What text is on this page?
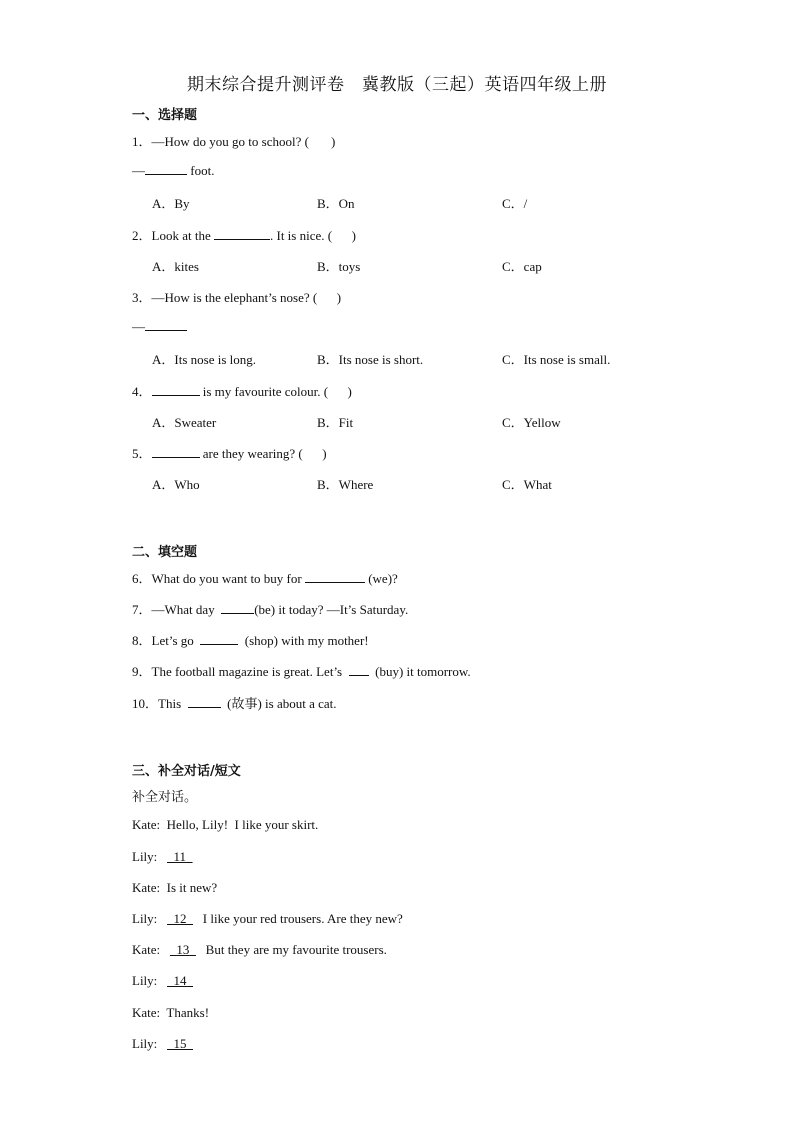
期末综合提升测评卷　冀教版（三起）英语四年级上册
一、选择题
1．—How do you go to school? ( )
—	foot.
A．By	B．On	C．/
2．Look at the	. It is nice. (      )
A．kites	B．toys	C．cap
3．—How is the elephant’s nose? (      )
—
A．Its nose is long.	B．Its nose is short.	C．Its nose is small.
4．	is my favourite colour. (      )
A．Sweater	B．Fit	C．Yellow
5．	are they wearing? (      )
A．Who	B．Where	C．What
二、填空题
6．What do you want to buy for	(we)?
7．—What day	(be) it today? —It’s Saturday.
8．Let’s go	(shop) with my mother!
9．The football magazine is great. Let’s    (buy) it tomorrow.
10．This	(故事) is about a cat.
三、补全对话/短文
补全对话。
Kate: Hello, Lily!  I like your skirt.
Lily: 11
Kate: Is it new?
Lily: 12 I like your red trousers. Are they new?
Kate: 13 But they are my favourite trousers.
Lily: 14
Kate: Thanks!
Lily: 15
